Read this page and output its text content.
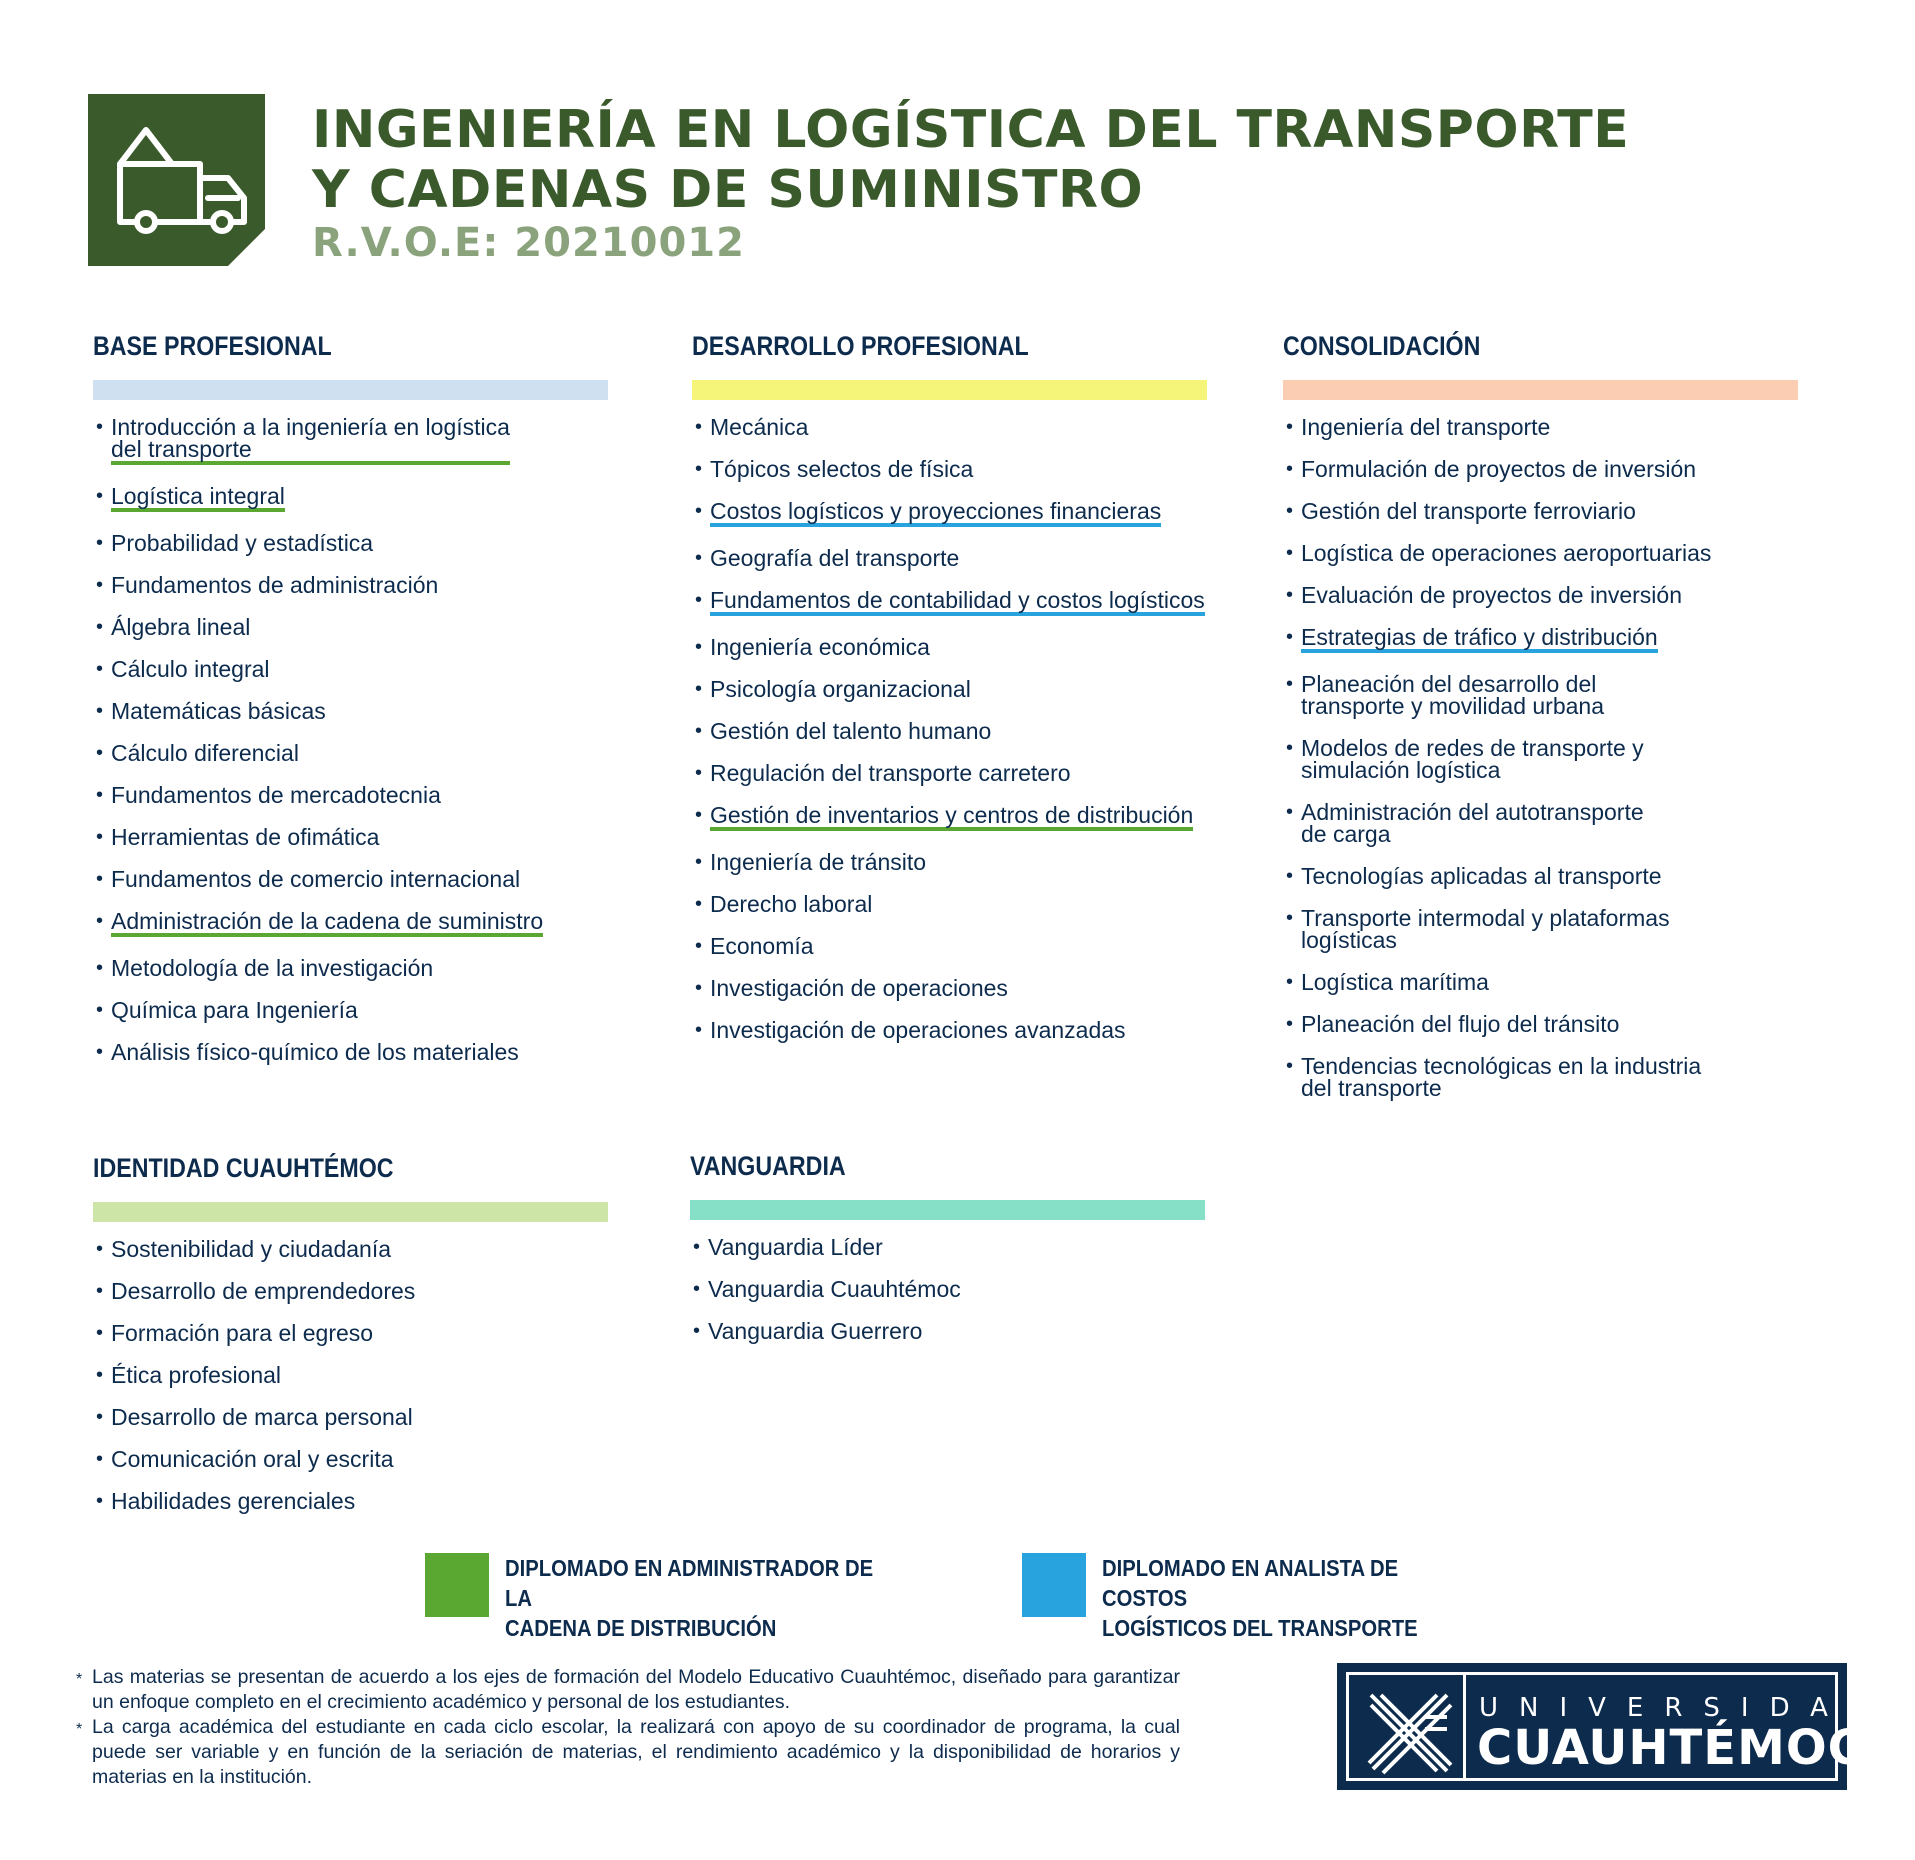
INGENIERÍA EN LOGÍSTICA DEL TRANSPORTE
Y CADENAS DE SUMINISTRO
R.V.O.E: 20210012
BASE PROFESIONAL
• Introducción a la ingeniería en logística
del transporte
• Logística integral
• Probabilidad y estadística
• Fundamentos de administración
• Álgebra lineal
• Cálculo integral
• Matemáticas básicas
• Cálculo diferencial
• Fundamentos de mercadotecnia
• Herramientas de ofimática
• Fundamentos de comercio internacional
• Administración de la cadena de suministro
• Metodología de la investigación
• Química para Ingeniería
• Análisis físico-químico de los materiales
DESARROLLO PROFESIONAL
• Mecánica
• Tópicos selectos de física
• Costos logísticos y proyecciones financieras
• Geografía del transporte
• Fundamentos de contabilidad y costos logísticos
• Ingeniería económica
• Psicología organizacional
• Gestión del talento humano
• Regulación del transporte carretero
• Gestión de inventarios y centros de distribución
• Ingeniería de tránsito
• Derecho laboral
• Economía
• Investigación de operaciones
• Investigación de operaciones avanzadas
CONSOLIDACIÓN
• Ingeniería del transporte
• Formulación de proyectos de inversión
• Gestión del transporte ferroviario
• Logística de operaciones aeroportuarias
• Evaluación de proyectos de inversión
• Estrategias de tráfico y distribución
• Planeación del desarrollo del
transporte y movilidad urbana
• Modelos de redes de transporte y
simulación logística
• Administración del autotransporte
de carga
• Tecnologías aplicadas al transporte
• Transporte intermodal y plataformas
logísticas
• Logística marítima
• Planeación del flujo del tránsito
• Tendencias tecnológicas en la industria
del transporte
IDENTIDAD CUAUHTÉMOC
• Sostenibilidad y ciudadanía
• Desarrollo de emprendedores
• Formación para el egreso
• Ética profesional
• Desarrollo de marca personal
• Comunicación oral y escrita
• Habilidades gerenciales
VANGUARDIA
• Vanguardia Líder
• Vanguardia Cuauhtémoc
• Vanguardia Guerrero
DIPLOMADO EN ADMINISTRADOR DE LA
CADENA DE DISTRIBUCIÓN
DIPLOMADO EN ANALISTA DE COSTOS
LOGÍSTICOS DEL TRANSPORTE

* Las materias se presentan de acuerdo a los ejes de formación del Modelo Educativo Cuauhtémoc, diseñado para garantizar un enfoque completo en el crecimiento académico y personal de los estudiantes.

* La carga académica del estudiante en cada ciclo escolar, la realizará con apoyo de su coordinador de programa, la cual puede ser variable y en función de la seriación de materias, el rendimiento académico y la disponibilidad de horarios y materias en la institución.

UNIVERSIDAD
CUAUHTÉMOC
